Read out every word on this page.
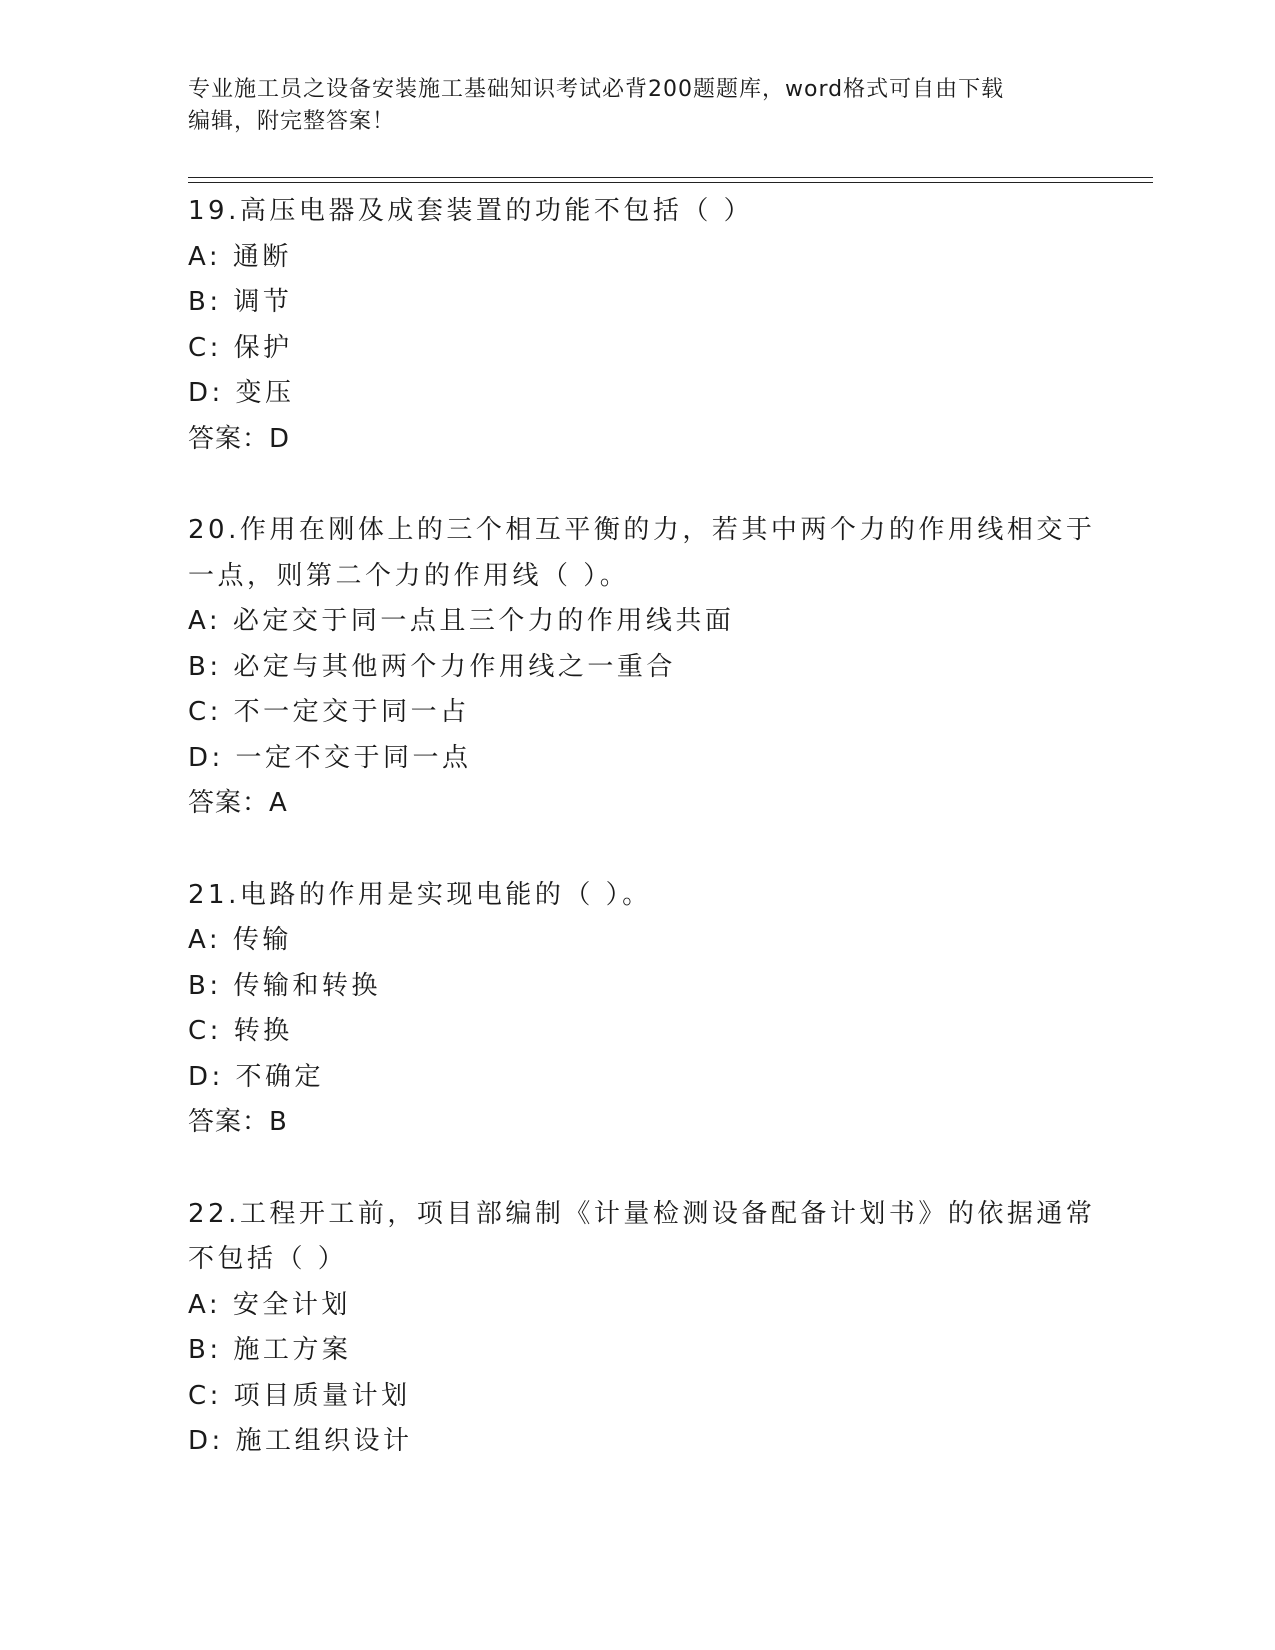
专业施工员之设备安装施工基础知识考试必背200题题库，word格式可自由下载
编辑，附完整答案！
19.高压电器及成套装置的功能不包括（ ）
A: 通断
B: 调节
C: 保护
D: 变压
答案：D
20.作用在刚体上的三个相互平衡的力，若其中两个力的作用线相交于
一点，则第二个力的作用线（ ）。
A: 必定交于同一点且三个力的作用线共面
B: 必定与其他两个力作用线之一重合
C: 不一定交于同一占
D: 一定不交于同一点
答案：A
21.电路的作用是实现电能的（ ）。
A: 传输
B: 传输和转换
C: 转换
D: 不确定
答案：B
22.工程开工前，项目部编制《计量检测设备配备计划书》的依据通常
不包括（ ）
A: 安全计划
B: 施工方案
C: 项目质量计划
D: 施工组织设计
